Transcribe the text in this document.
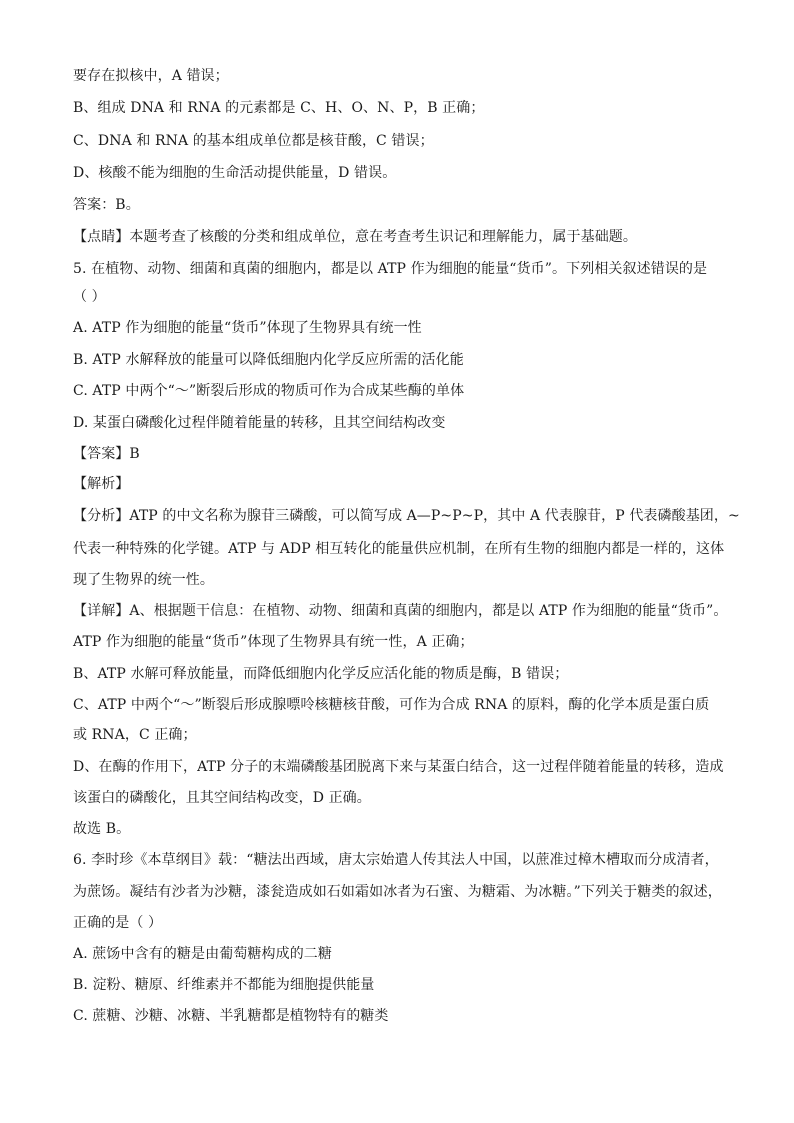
要存在拟核中，A 错误；
B、组成 DNA 和 RNA 的元素都是 C、H、O、N、P，B 正确；
C、DNA 和 RNA 的基本组成单位都是核苷酸，C 错误；
D、核酸不能为细胞的生命活动提供能量，D 错误。
答案：B。
【点睛】本题考查了核酸的分类和组成单位，意在考查考生识记和理解能力，属于基础题。
5. 在植物、动物、细菌和真菌的细胞内，都是以 ATP 作为细胞的能量“货币”。下列相关叙述错误的是
（ ）
A. ATP 作为细胞的能量“货币”体现了生物界具有统一性
B. ATP 水解释放的能量可以降低细胞内化学反应所需的活化能
C. ATP 中两个“～”断裂后形成的物质可作为合成某些酶的单体
D. 某蛋白磷酸化过程伴随着能量的转移，且其空间结构改变
【答案】B
【解析】
【分析】ATP 的中文名称为腺苷三磷酸，可以简写成 A—P~P~P，其中 A 代表腺苷，P 代表磷酸基团，~
代表一种特殊的化学键。ATP 与 ADP 相互转化的能量供应机制，在所有生物的细胞内都是一样的，这体
现了生物界的统一性。
【详解】A、根据题干信息：在植物、动物、细菌和真菌的细胞内，都是以 ATP 作为细胞的能量“货币”。
ATP 作为细胞的能量“货币”体现了生物界具有统一性，A 正确；
B、ATP 水解可释放能量，而降低细胞内化学反应活化能的物质是酶，B 错误；
C、ATP 中两个“～”断裂后形成腺嘌呤核糖核苷酸，可作为合成 RNA 的原料，酶的化学本质是蛋白质
或 RNA，C 正确；
D、在酶的作用下，ATP 分子的末端磷酸基团脱离下来与某蛋白结合，这一过程伴随着能量的转移，造成
该蛋白的磷酸化，且其空间结构改变，D 正确。
故选 B。
6. 李时珍《本草纲目》载：“糖法出西域，唐太宗始遣人传其法人中国，以蔗准过樟木槽取而分成清者，
为蔗饧。凝结有沙者为沙糖，漆瓮造成如石如霜如冰者为石蜜、为糖霜、为冰糖。”下列关于糖类的叙述，
正确的是（ ）
A. 蔗饧中含有的糖是由葡萄糖构成的二糖
B. 淀粉、糖原、纤维素并不都能为细胞提供能量
C. 蔗糖、沙糖、冰糖、半乳糖都是植物特有的糖类
